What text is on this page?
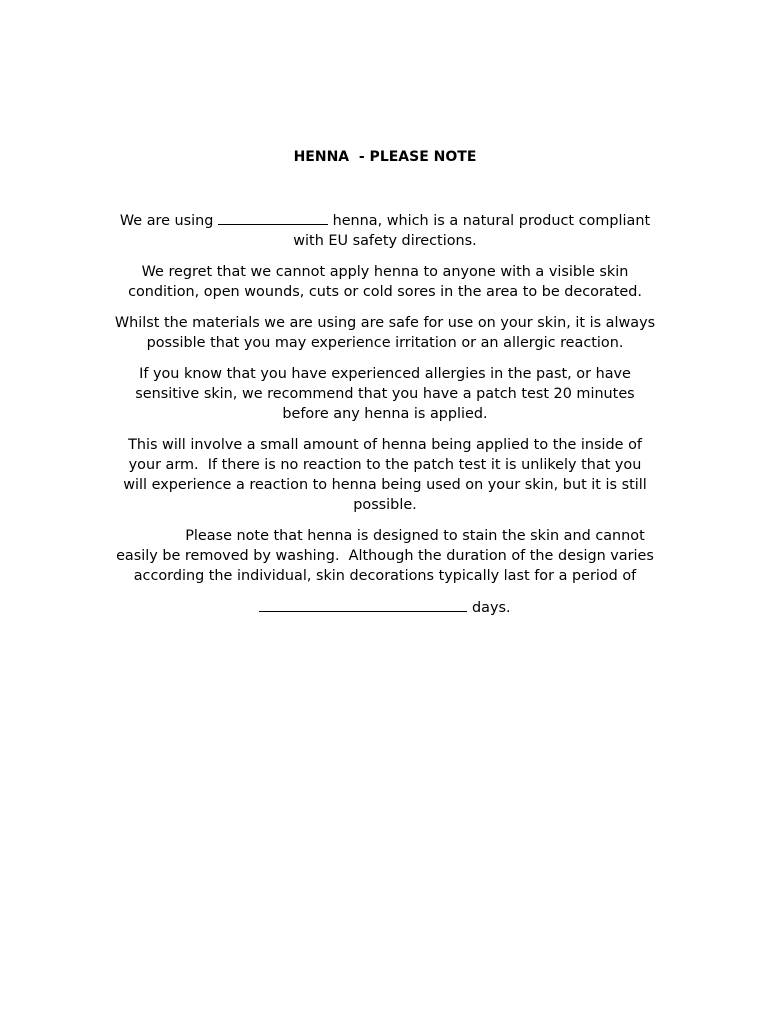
HENNA  - PLEASE NOTE
We are using	henna, which is a natural product compliant
with EU safety directions.
We regret that we cannot apply henna to anyone with a visible skin
condition, open wounds, cuts or cold sores in the area to be decorated.
Whilst the materials we are using are safe for use on your skin, it is always
possible that you may experience irritation or an allergic reaction.
If you know that you have experienced allergies in the past, or have
sensitive skin, we recommend that you have a patch test 20 minutes
before any henna is applied.
This will involve a small amount of henna being applied to the inside of
your arm.  If there is no reaction to the patch test it is unlikely that you
will experience a reaction to henna being used on your skin, but it is still
possible.
Please note that henna is designed to stain the skin and cannot
easily be removed by washing.  Although the duration of the design varies
according the individual, skin decorations typically last for a period of
days.
